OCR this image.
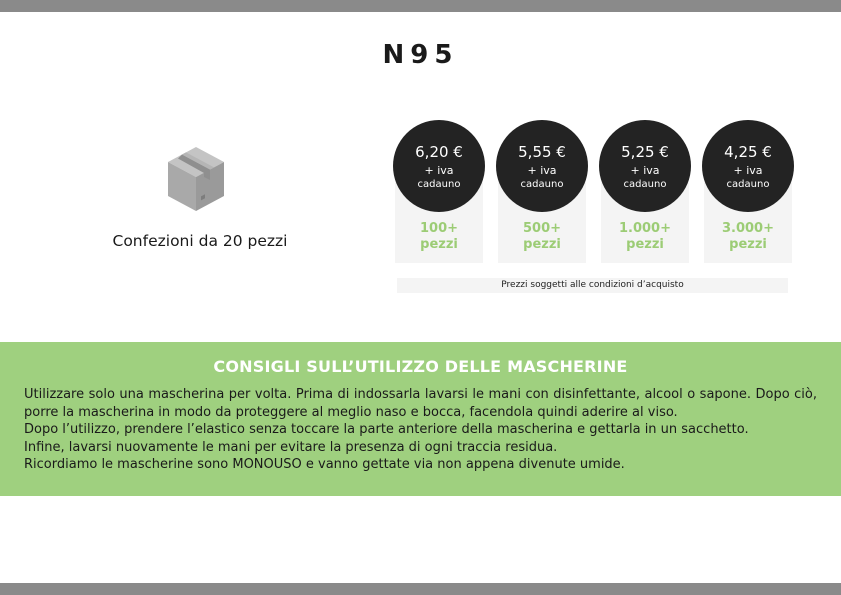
N95
Confezioni da 20 pezzi
6,20 €
+ iva
cadauno
100+
pezzi
5,55 €
+ iva
cadauno
500+
pezzi
5,25 €
+ iva
cadauno
1.000+
pezzi
4,25 €
+ iva
cadauno
3.000+
pezzi
Prezzi soggetti alle condizioni d’acquisto
CONSIGLI SULL’UTILIZZO DELLE MASCHERINE
Utilizzare solo una mascherina per volta. Prima di indossarla lavarsi le mani con disinfettante, alcool o sapone. Dopo ciò, porre la mascherina in modo da proteggere al meglio naso e bocca, facendola quindi aderire al viso.
Dopo l’utilizzo, prendere l’elastico senza toccare la parte anteriore della mascherina e gettarla in un sacchetto.
Infine, lavarsi nuovamente le mani per evitare la presenza di ogni traccia residua.
Ricordiamo le mascherine sono MONOUSO e vanno gettate via non appena divenute umide.
